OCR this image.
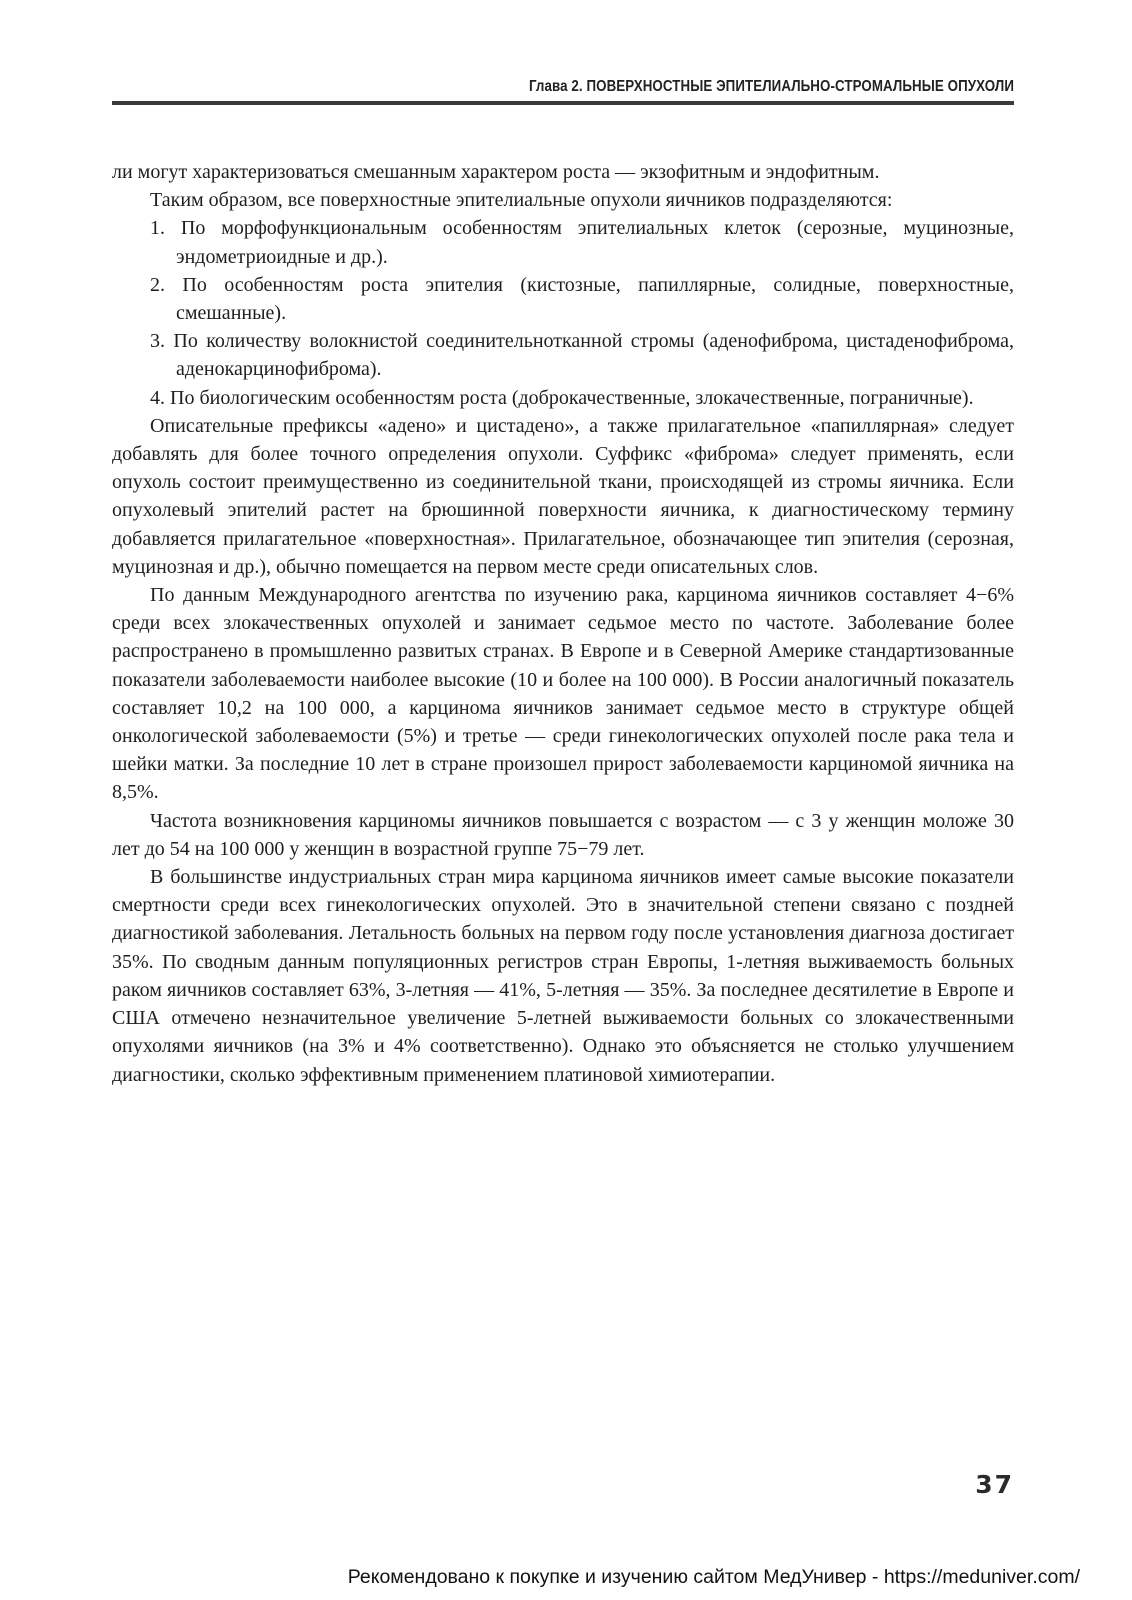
Глава 2. ПОВЕРХНОСТНЫЕ ЭПИТЕЛИАЛЬНО-СТРОМАЛЬНЫЕ ОПУХОЛИ

ли могут характеризоваться смешанным характером роста — экзофитным и эндофитным.

Таким образом, все поверхностные эпителиальные опухоли яичников подразделяются:

1. По морфофункциональным особенностям эпителиальных клеток (серозные, муцинозные, эндометриоидные и др.).
2. По особенностям роста эпителия (кистозные, папиллярные, солидные, поверхностные, смешанные).
3. По количеству волокнистой соединительнотканной стромы (аденофиброма, цистаденофиброма, аденокарцинофиброма).
4. По биологическим особенностям роста (доброкачественные, злокачественные, пограничные).

Описательные префиксы «адено» и цистадено», а также прилагательное «папиллярная» следует добавлять для более точного определения опухоли. Суффикс «фиброма» следует применять, если опухоль состоит преимущественно из соединительной ткани, происходящей из стромы яичника. Если опухолевый эпителий растет на брюшинной поверхности яичника, к диагностическому термину добавляется прилагательное «поверхностная». Прилагательное, обозначающее тип эпителия (серозная, муцинозная и др.), обычно помещается на первом месте среди описательных слов.

По данным Международного агентства по изучению рака, карцинома яичников составляет 4−6% среди всех злокачественных опухолей и занимает седьмое место по частоте. Заболевание более распространено в промышленно развитых странах. В Европе и в Северной Америке стандартизованные показатели заболеваемости наиболее высокие (10 и более на 100 000). В России аналогичный показатель составляет 10,2 на 100 000, а карцинома яичников занимает седьмое место в структуре общей онкологической заболеваемости (5%) и третье — среди гинекологических опухолей после рака тела и шейки матки. За последние 10 лет в стране произошел прирост заболеваемости карциномой яичника на 8,5%.

Частота возникновения карциномы яичников повышается с возрастом — с 3 у женщин моложе 30 лет до 54 на 100 000 у женщин в возрастной группе 75−79 лет.

В большинстве индустриальных стран мира карцинома яичников имеет самые высокие показатели смертности среди всех гинекологических опухолей. Это в значительной степени связано с поздней диагностикой заболевания. Летальность больных на первом году после установления диагноза достигает 35%. По сводным данным популяционных регистров стран Европы, 1-летняя выживаемость больных раком яичников составляет 63%, 3-летняя — 41%, 5-летняя — 35%. За последнее десятилетие в Европе и США отмечено незначительное увеличение 5-летней выживаемости больных со злокачественными опухолями яичников (на 3% и 4% соответственно). Однако это объясняется не столько улучшением диагностики, сколько эффективным применением платиновой химиотерапии.

37
Рекомендовано к покупке и изучению сайтом МедУнивер - https://meduniver.com/
